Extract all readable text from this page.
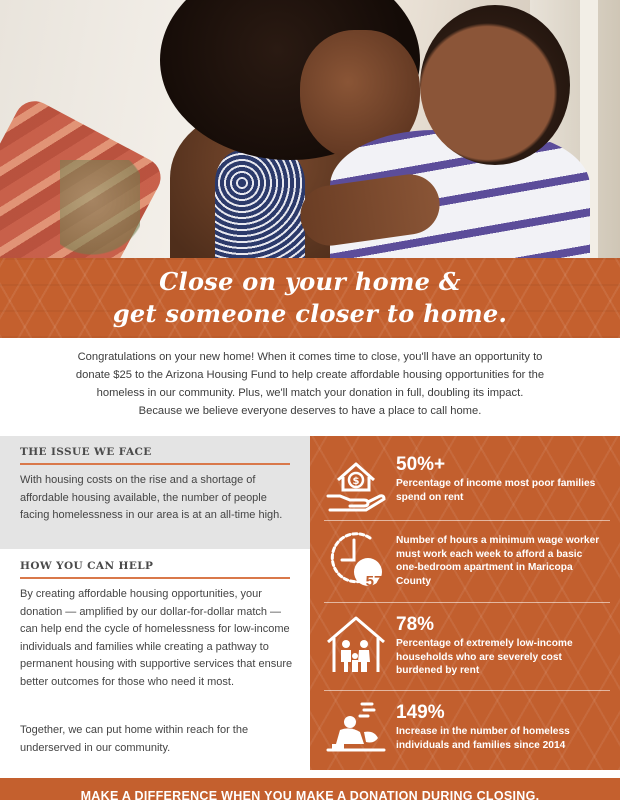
Close on your home &
get someone closer to home.
Congratulations on your new home! When it comes time to close, you'll have an opportunity to
donate $25 to the Arizona Housing Fund to help create affordable housing opportunities for the
homeless in our community. Plus, we'll match your donation in full, doubling its impact.
Because we believe everyone deserves to have a place to call home.
THE ISSUE WE FACE
With housing costs on the rise and a shortage of affordable housing available, the number of people facing homelessness in our area is at an all-time high.
HOW YOU CAN HELP
By creating affordable housing opportunities, your donation — amplified by our dollar-for-dollar match — can help end the cycle of homelessness for low-income individuals and families while creating a pathway to permanent housing with supportive services that ensure better outcomes for those who need it most.
Together, we can put home within reach for the underserved in our community.
$
50%+
Percentage of income most poor families spend on rent
57
Number of hours a minimum wage worker must work each week to afford a basic one-bedroom apartment in Maricopa County
78%
Percentage of extremely low-income households who are severely cost burdened by rent
149%
Increase in the number of homeless individuals and families since 2014
MAKE A DIFFERENCE WHEN YOU MAKE A DONATION DURING CLOSING.
